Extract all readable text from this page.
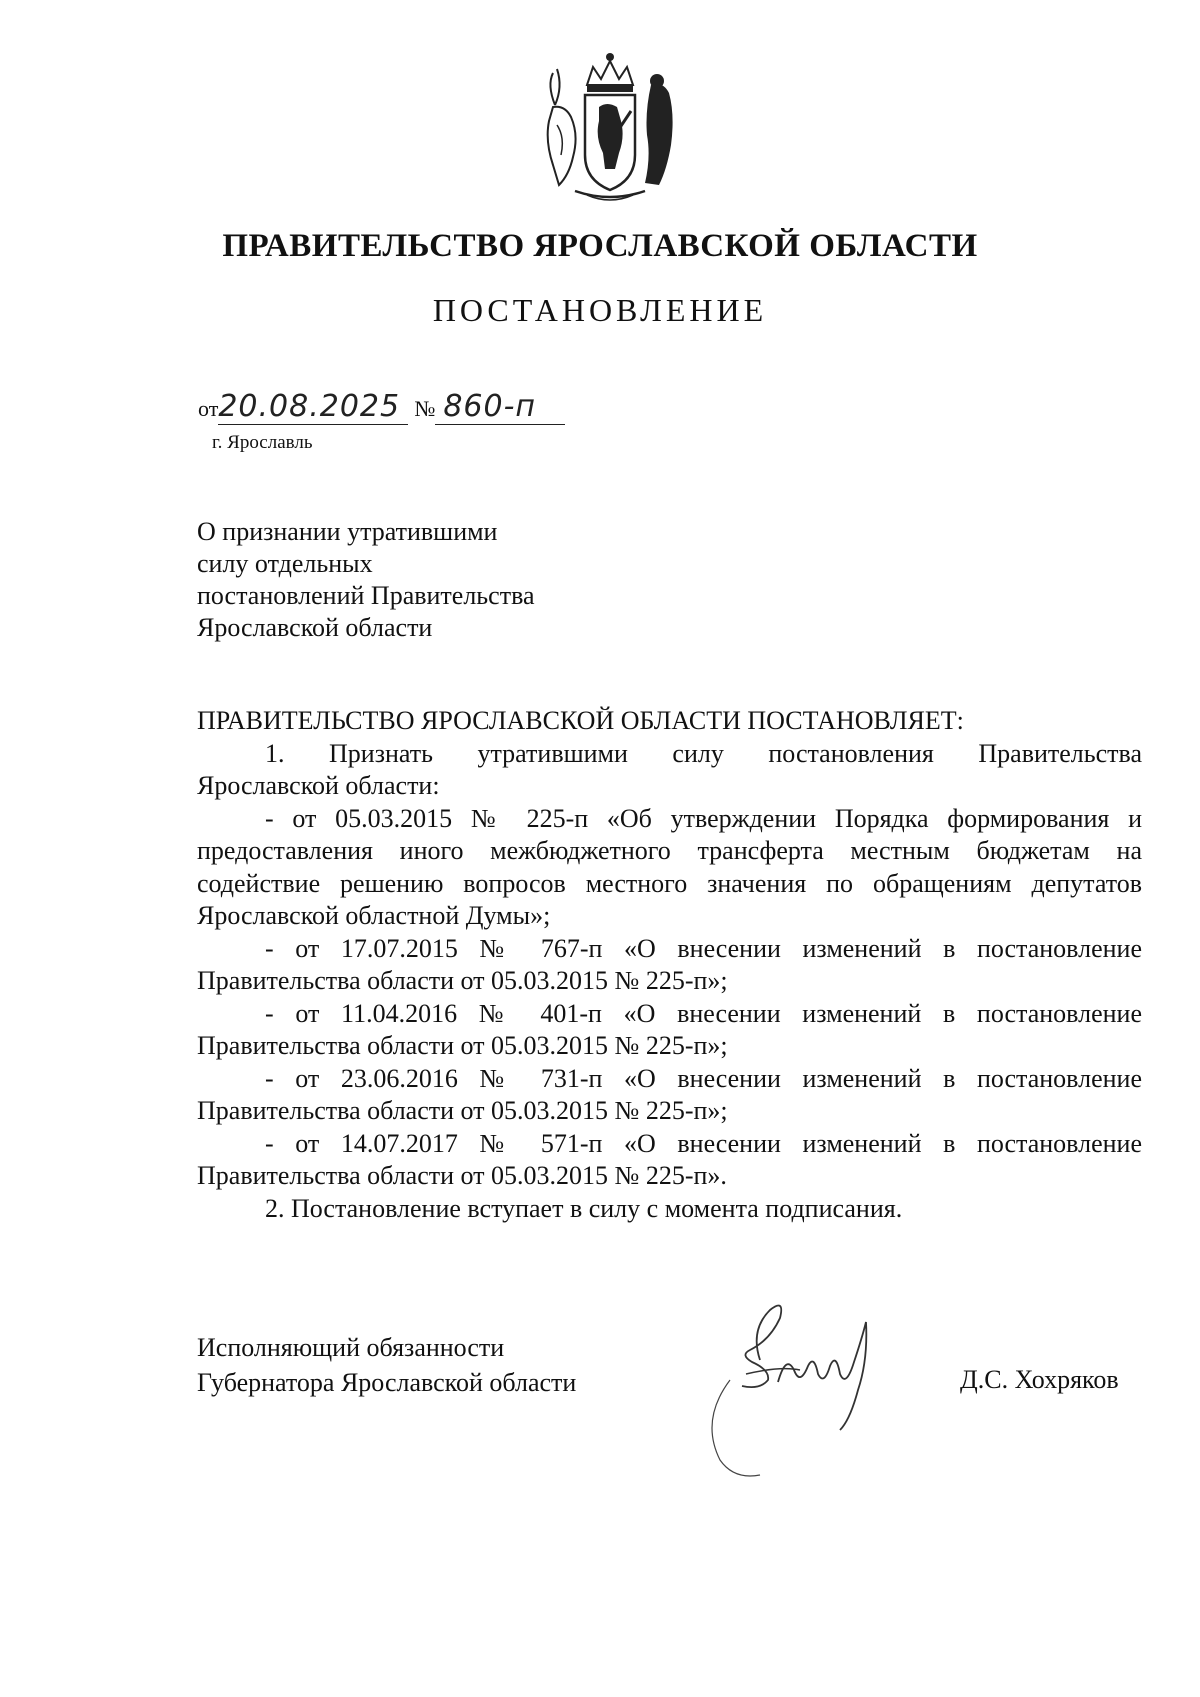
ПРАВИТЕЛЬСТВО ЯРОСЛАВСКОЙ ОБЛАСТИ
ПОСТАНОВЛЕНИЕ
от20.08.2025 № 860-п
г. Ярославль
О признании утратившими
силу отдельных
постановлений Правительства
Ярославской области

ПРАВИТЕЛЬСТВО ЯРОСЛАВСКОЙ ОБЛАСТИ ПОСТАНОВЛЯЕТ:

1. Признать утратившими силу постановления Правительства

Ярославской области:

- от 05.03.2015 № 225-п «Об утверждении Порядка формирования и

предоставления иного межбюджетного трансферта местным бюджетам на

содействие решению вопросов местного значения по обращениям депутатов

Ярославской областной Думы»;

- от 17.07.2015 № 767-п «О внесении изменений в постановление

Правительства области от 05.03.2015 № 225-п»;

- от 11.04.2016 № 401-п «О внесении изменений в постановление

Правительства области от 05.03.2015 № 225-п»;

- от 23.06.2016 № 731-п «О внесении изменений в постановление

Правительства области от 05.03.2015 № 225-п»;

- от 14.07.2017 № 571-п «О внесении изменений в постановление

Правительства области от 05.03.2015 № 225-п».

2. Постановление вступает в силу с момента подписания.

Исполняющий обязанности
Губернатора Ярославской области	Д.С. Хохряков
